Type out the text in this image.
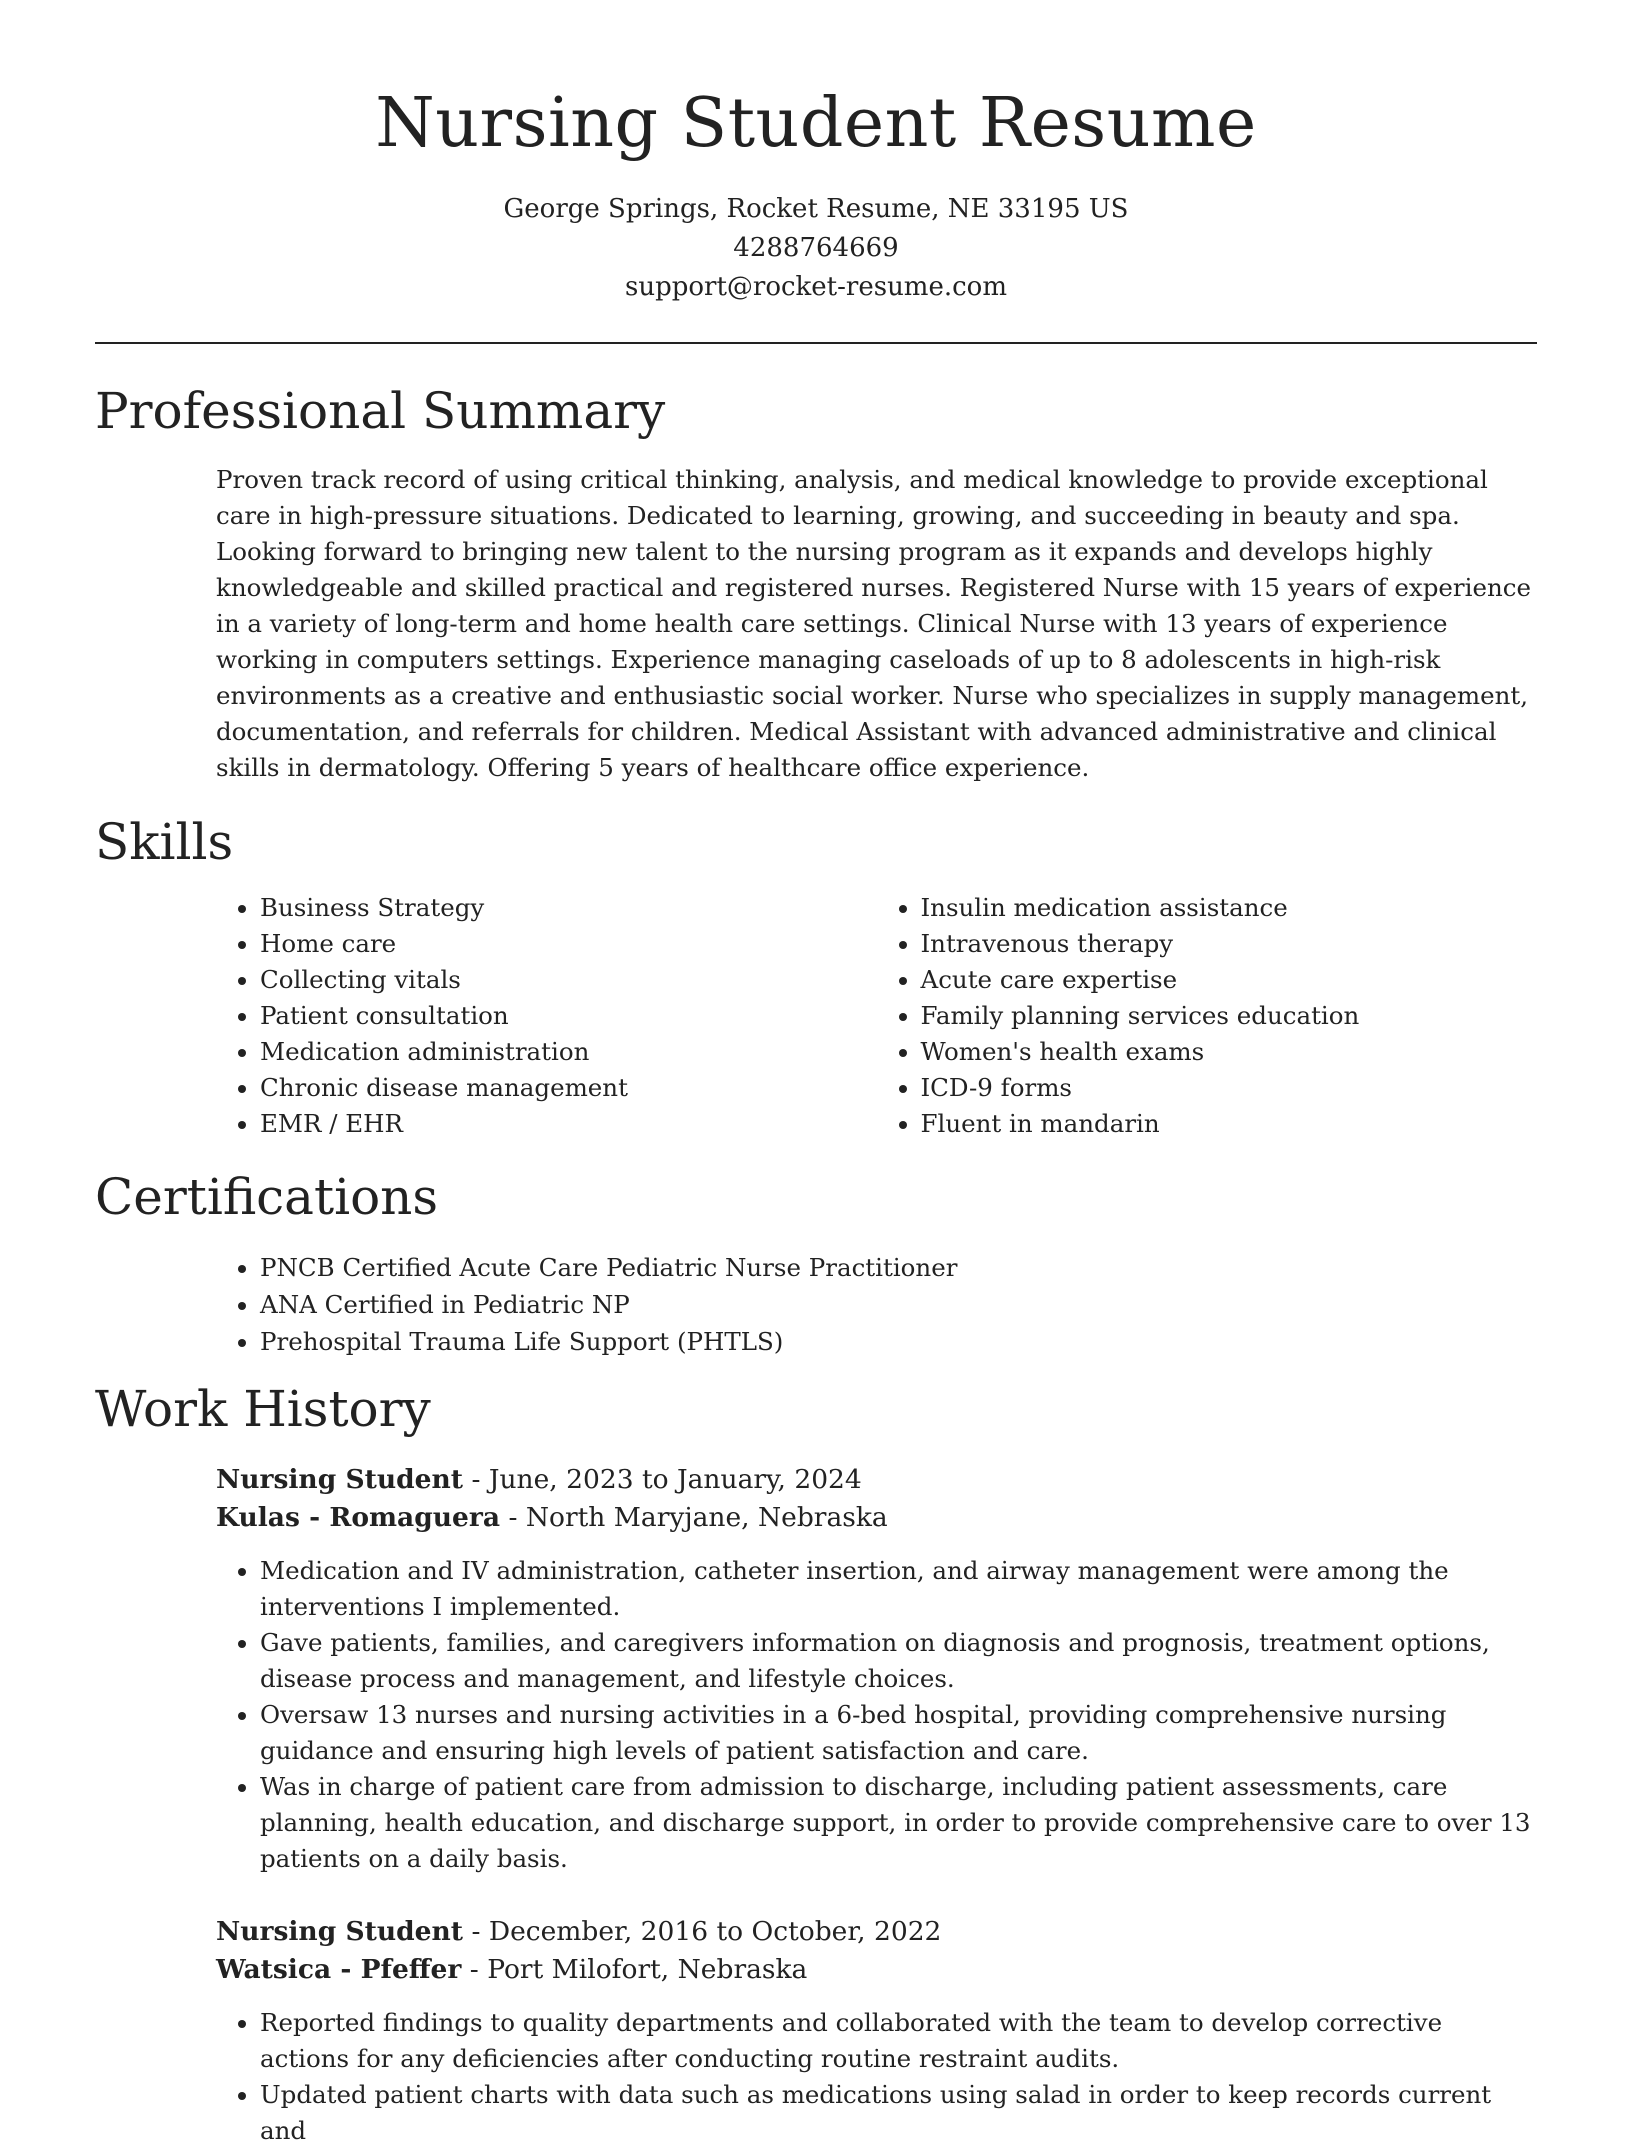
Nursing Student Resume
George Springs, Rocket Resume, NE 33195 US
4288764669
support@rocket-resume.com
Professional Summary

Proven track record of using critical thinking, analysis, and medical knowledge to provide exceptional care in high-pressure situations. Dedicated to learning, growing, and succeeding in beauty and spa. Looking forward to bringing new talent to the nursing program as it expands and develops highly knowledgeable and skilled practical and registered nurses. Registered Nurse with 15 years of experience in a variety of long-term and home health care settings. Clinical Nurse with 13 years of experience working in computers settings. Experience managing caseloads of up to 8 adolescents in high-risk environments as a creative and enthusiastic social worker. Nurse who specializes in supply management, documentation, and referrals for children. Medical Assistant with advanced administrative and clinical skills in dermatology. Offering 5 years of healthcare office experience.

Skills
• Business Strategy
• Home care
• Collecting vitals
• Patient consultation
• Medication administration
• Chronic disease management
• EMR / EHR
• Insulin medication assistance
• Intravenous therapy
• Acute care expertise
• Family planning services education
• Women's health exams
• ICD-9 forms
• Fluent in mandarin
Certifications
• PNCB Certified Acute Care Pediatric Nurse Practitioner
• ANA Certified in Pediatric NP
• Prehospital Trauma Life Support (PHTLS)
Work History
Nursing Student - June, 2023 to January, 2024
Kulas - Romaguera - North Maryjane, Nebraska
• Medication and IV administration, catheter insertion, and airway management were among the interventions I implemented.
• Gave patients, families, and caregivers information on diagnosis and prognosis, treatment options, disease process and management, and lifestyle choices.
• Oversaw 13 nurses and nursing activities in a 6-bed hospital, providing comprehensive nursing guidance and ensuring high levels of patient satisfaction and care.
• Was in charge of patient care from admission to discharge, including patient assessments, care planning, health education, and discharge support, in order to provide comprehensive care to over 13 patients on a daily basis.
Nursing Student - December, 2016 to October, 2022
Watsica - Pfeffer - Port Milofort, Nebraska
• Reported findings to quality departments and collaborated with the team to develop corrective actions for any deficiencies after conducting routine restraint audits.
• Updated patient charts with data such as medications using salad in order to keep records current and
